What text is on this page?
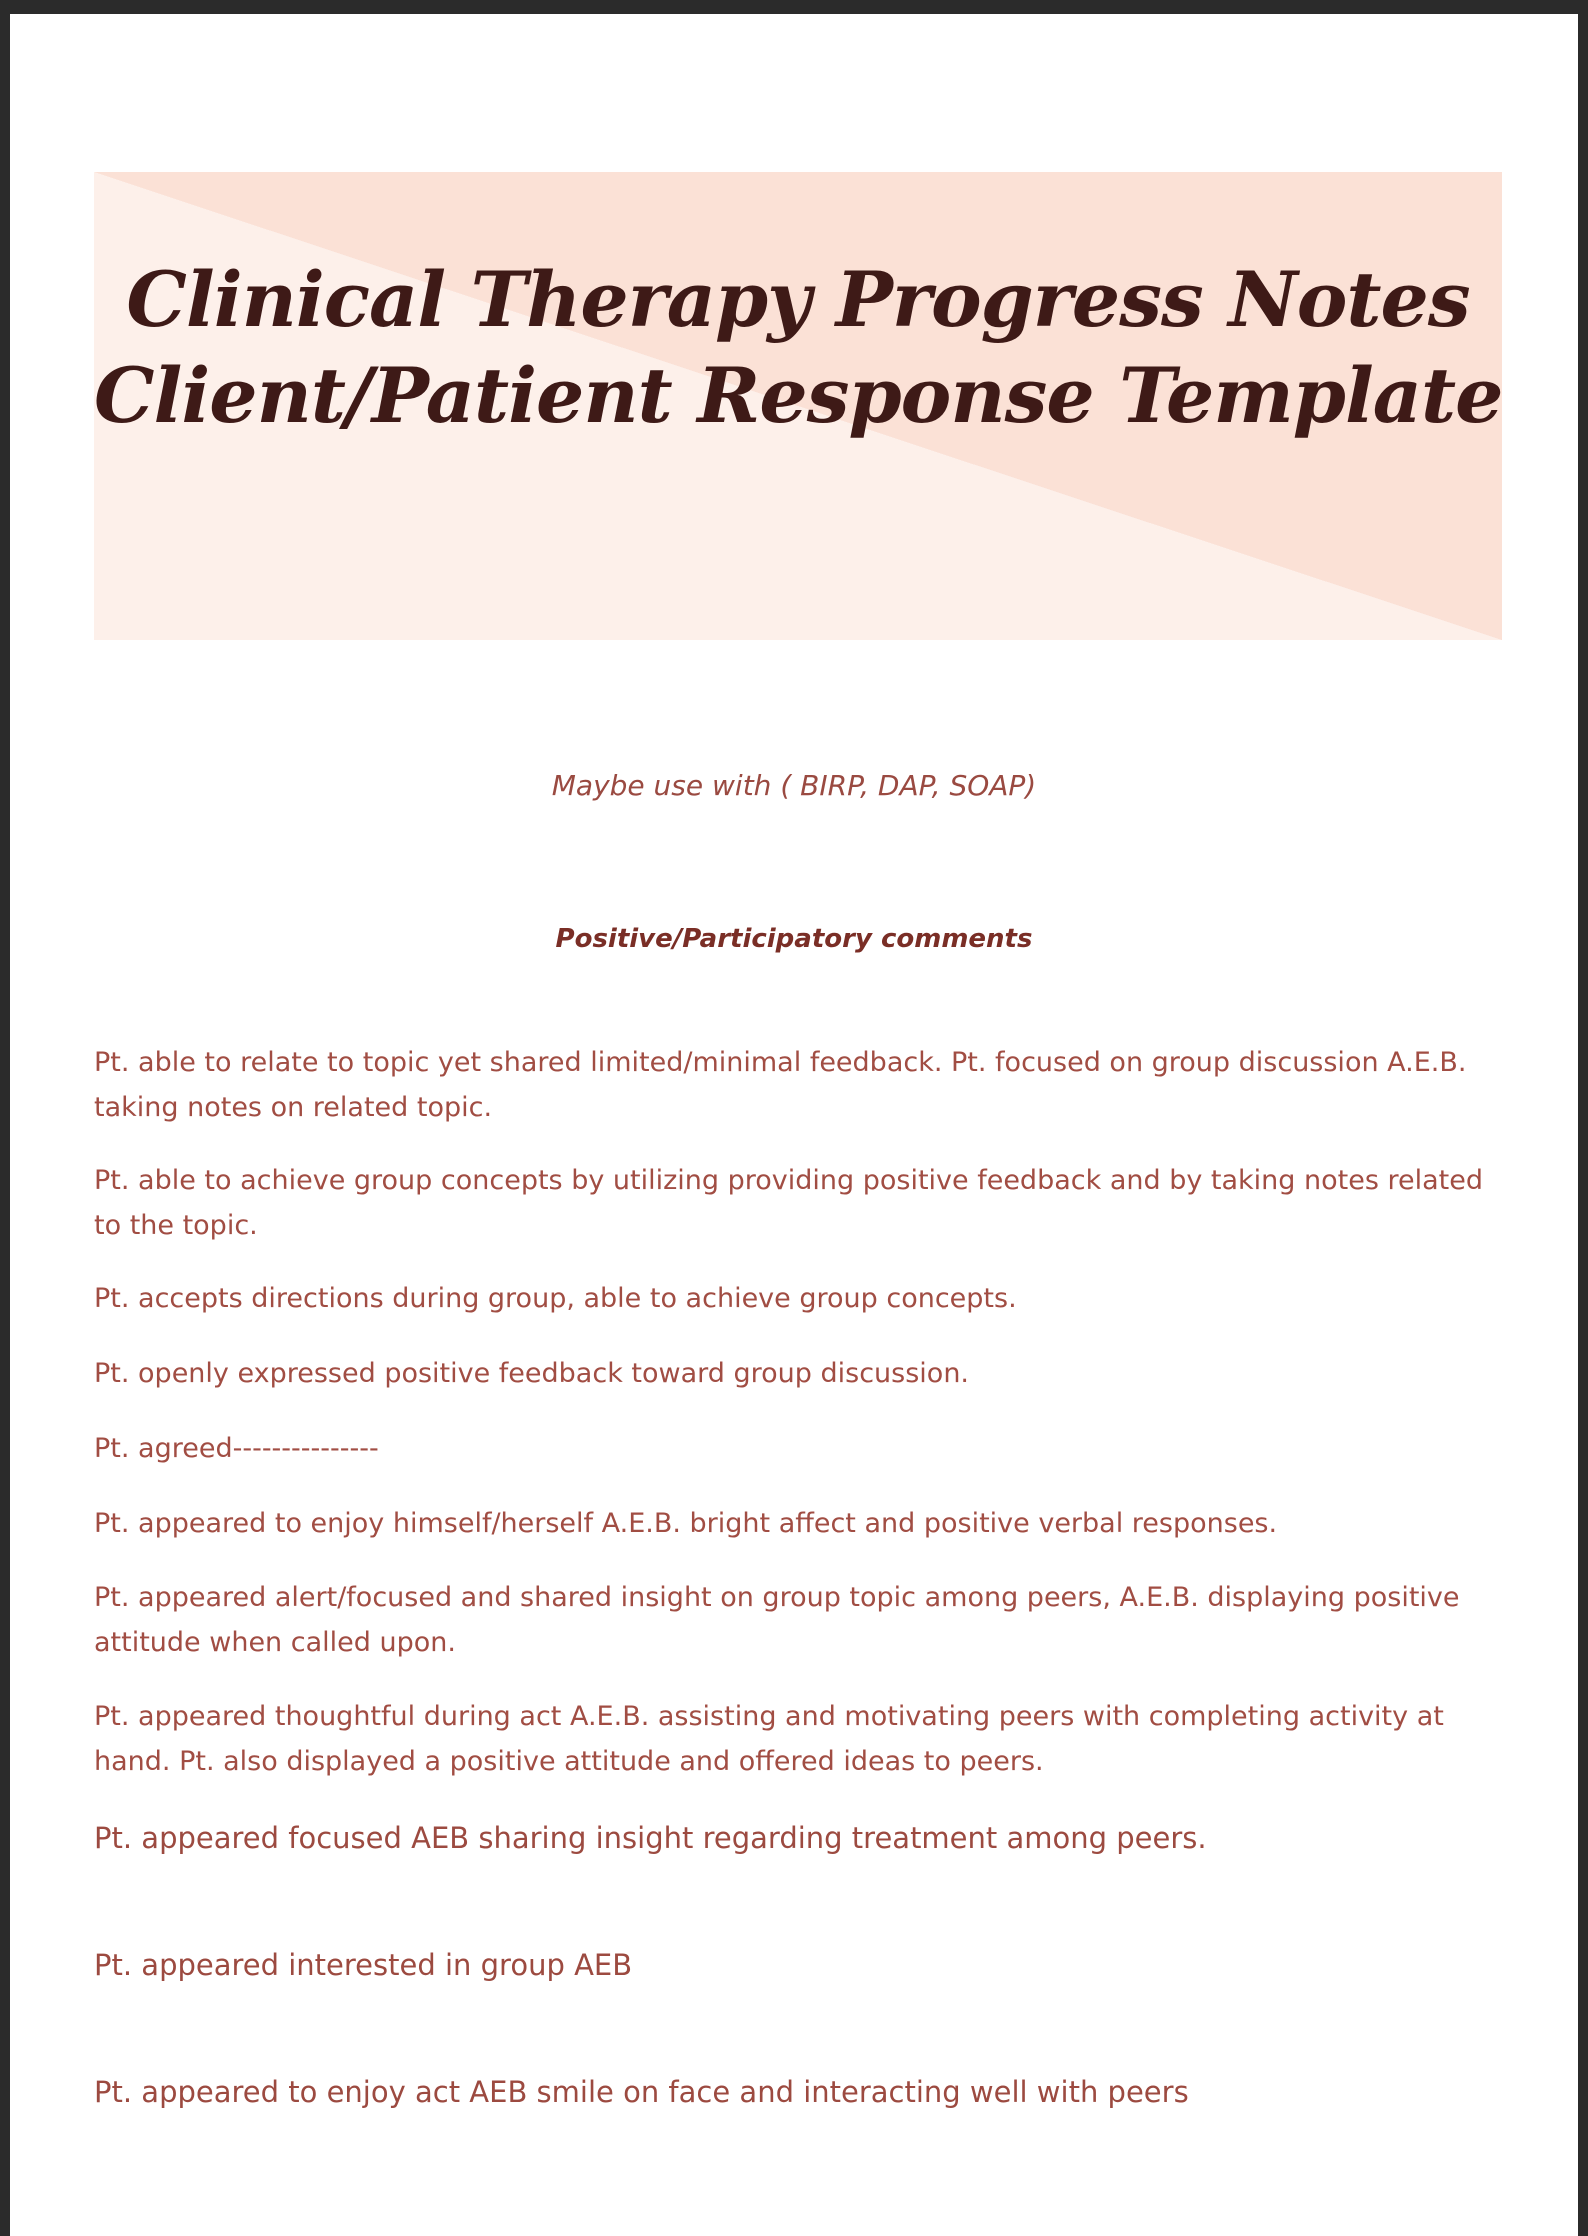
Clinical Therapy Progress Notes
Client/Patient Response Template

Maybe use with ( BIRP, DAP, SOAP)

Positive/Participatory comments

Pt. able to relate to topic yet shared limited/minimal feedback. Pt. focused on group discussion A.E.B. taking notes on related topic.

Pt. able to achieve group concepts by utilizing providing positive feedback and by taking notes related to the topic.

Pt. accepts directions during group, able to achieve group concepts.

Pt. openly expressed positive feedback toward group discussion.

Pt. agreed---------------

Pt. appeared to enjoy himself/herself A.E.B. bright affect and positive verbal responses.

Pt. appeared alert/focused and shared insight on group topic among peers, A.E.B. displaying positive attitude when called upon.

Pt. appeared thoughtful during act A.E.B. assisting and motivating peers with completing activity at hand. Pt. also displayed a positive attitude and offered ideas to peers.

Pt. appeared focused AEB sharing insight regarding treatment among peers.

Pt. appeared interested in group AEB

Pt. appeared to enjoy act AEB smile on face and interacting well with peers
